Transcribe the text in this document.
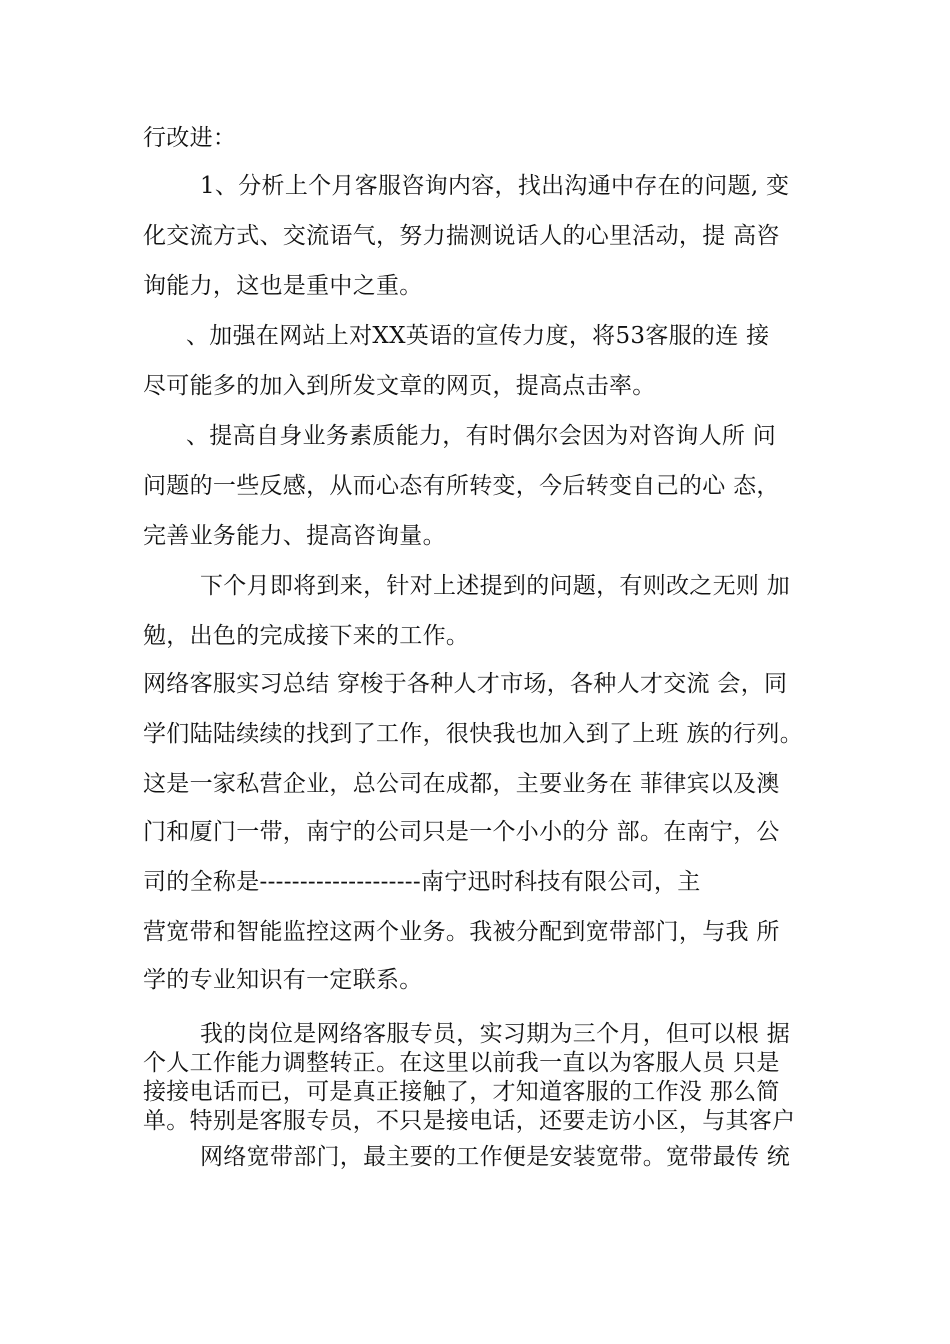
行改进：
1、分析上个月客服咨询内容，找出沟通中存在的问题, 变
化交流方式、交流语气，努力揣测说话人的心里活动，提 高咨
询能力，这也是重中之重。
、加强在网站上对XX英语的宣传力度，将53客服的连 接
尽可能多的加入到所发文章的网页，提高点击率。
、提高自身业务素质能力，有时偶尔会因为对咨询人所 问
问题的一些反感，从而心态有所转变，今后转变自己的心 态，
完善业务能力、提高咨询量。
下个月即将到来，针对上述提到的问题，有则改之无则 加
勉，出色的完成接下来的工作。
网络客服实习总结 穿梭于各种人才市场，各种人才交流 会，同
学们陆陆续续的找到了工作，很快我也加入到了上班 族的行列。
这是一家私营企业，总公司在成都，主要业务在 菲律宾以及澳
门和厦门一带，南宁的公司只是一个小小的分 部。在南宁，公
司的全称是--------------------南宁迅时科技有限公司，主
营宽带和智能监控这两个业务。我被分配到宽带部门，与我 所
学的专业知识有一定联系。
我的岗位是网络客服专员，实习期为三个月，但可以根 据
个人工作能力调整转正。在这里以前我一直以为客服人员 只是
接接电话而已，可是真正接触了，才知道客服的工作没 那么简
单。特别是客服专员，不只是接电话，还要走访小区，与其客户
网络宽带部门，最主要的工作便是安装宽带。宽带最传 统
